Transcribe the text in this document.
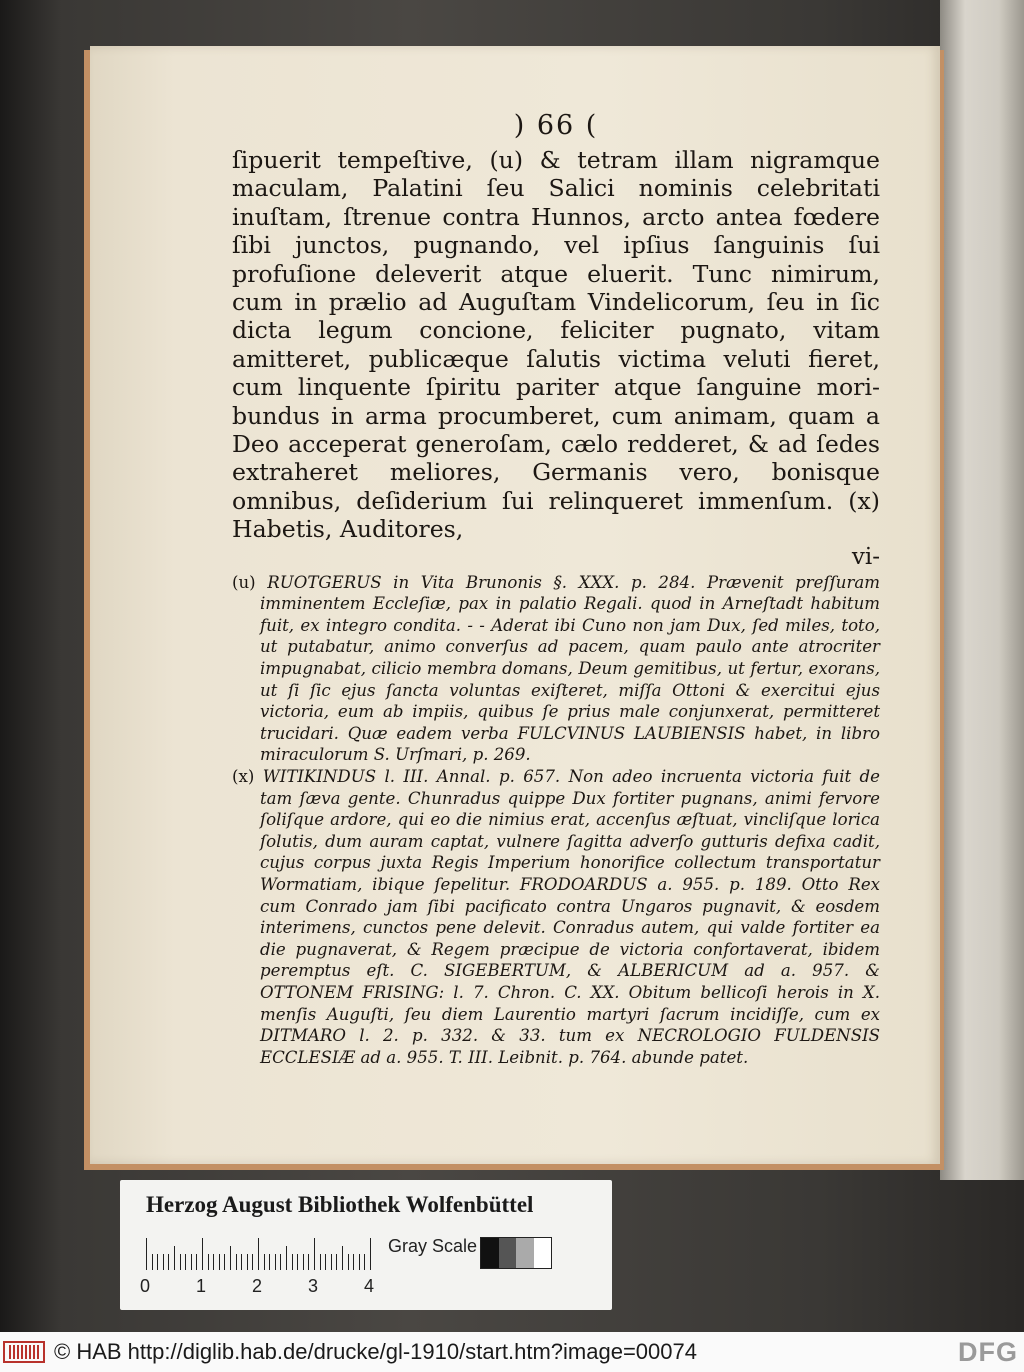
) 66 (

ſipuerit tempeſtive, (u) & tetram illam nigramque maculam, Palatini ſeu Salici nominis celebritati inuſtam, ſtrenue contra Hunnos, arcto antea fœdere ſibi junctos, pugnando, vel ipſius ſanguinis ſui profuſione deleverit atque eluerit. Tunc nimirum, cum in prælio ad Auguſtam Vindelicorum, ſeu in ſic dicta legum concione, feliciter pugnato, vitam amitteret, publicæque ſalutis victima veluti fieret, cum linquente ſpiritu pariter atque ſanguine moribundus in arma procumberet, cum animam, quam a Deo acceperat generoſam, cælo redderet, & ad ſedes extraheret meliores, Germanis vero, bonisque omnibus, deſiderium ſui relinqueret immenſum. (x) Habetis, Auditores,

vi-

(u) RUOTGERUS in Vita Brunonis §. XXX. p. 284. Prævenit preſſuram imminentem Eccleſiæ, pax in palatio Regali. quod in Arneſtadt habitum fuit, ex integro condita. - - Aderat ibi Cuno non jam Dux, ſed miles, toto, ut putabatur, animo converſus ad pacem, quam paulo ante atrocriter impugnabat, cilicio membra domans, Deum gemitibus, ut fertur, exorans, ut ſi ſic ejus ſancta voluntas exiſteret, miſſa Ottoni & exercitui ejus victoria, eum ab impiis, quibus ſe prius male conjunxerat, permitteret trucidari. Quæ eadem verba FULCVINUS LAUBIENSIS habet, in libro miraculorum S. Urſmari, p. 269.

(x) WITIKINDUS l. III. Annal. p. 657. Non adeo incruenta victoria fuit de tam ſæva gente. Chunradus quippe Dux fortiter pugnans, animi fervore ſoliſque ardore, qui eo die nimius erat, accenſus æſtuat, vincliſque lorica ſolutis, dum auram captat, vulnere ſagitta adverſo gutturis defixa cadit, cujus corpus juxta Regis Imperium honorifice collectum transportatur Wormatiam, ibique ſepelitur. FRODOARDUS a. 955. p. 189. Otto Rex cum Conrado jam ſibi pacificato contra Ungaros pugnavit, & eosdem interimens, cunctos pene delevit. Conradus autem, qui valde fortiter ea die pugnaverat, & Regem præcipue de victoria confortaverat, ibidem peremptus eſt. C. SIGEBERTUM, & ALBERICUM ad a. 957. & OTTONEM FRISING: l. 7. Chron. C. XX. Obitum bellicoſi herois in X. menſis Auguſti, ſeu diem Laurentio martyri ſacrum incidiſſe, cum ex DITMARO l. 2. p. 332. & 33. tum ex NECROLOGIO FULDENSIS ECCLESIÆ ad a. 955. T. III. Leibnit. p. 764. abunde patet.

Herzog August Bibliothek Wolfenbüttel
0	1	2	3	4
Gray Scale
© HAB http://diglib.hab.de/drucke/gl-1910/start.htm?image=00074	DFG
